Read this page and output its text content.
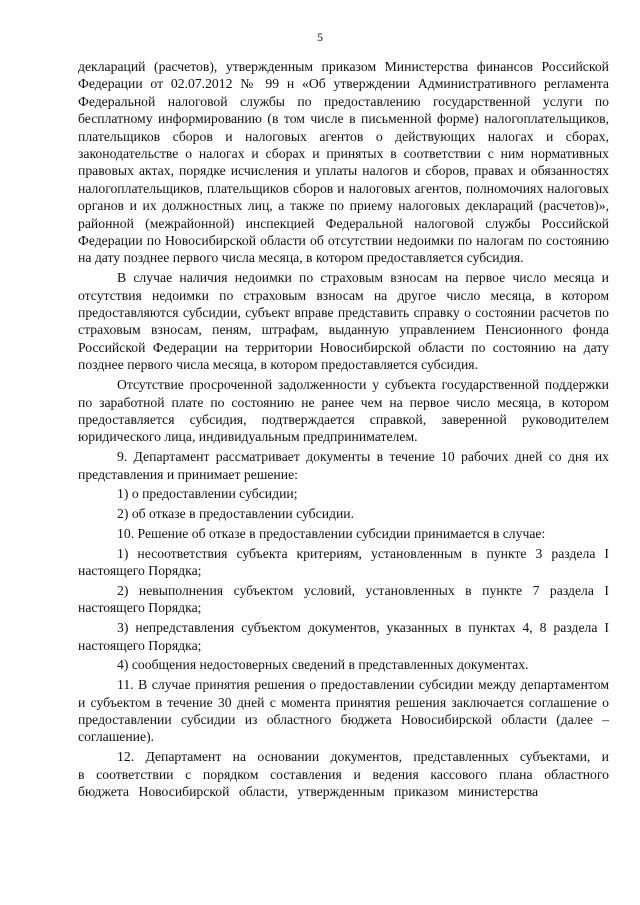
5

деклараций (расчетов), утвержденным приказом Министерства финансов Российской Федерации от 02.07.2012 № 99 н «Об утверждении Административного регламента Федеральной налоговой службы по предоставлению государственной услуги по бесплатному информированию (в том числе в письменной форме) налогоплательщиков, плательщиков сборов и налоговых агентов о действующих налогах и сборах, законодательстве о налогах и сборах и принятых в соответствии с ним нормативных правовых актах, порядке исчисления и уплаты налогов и сборов, правах и обязанностях налогоплательщиков, плательщиков сборов и налоговых агентов, полномочиях налоговых органов и их должностных лиц, а также по приему налоговых деклараций (расчетов)», районной (межрайонной) инспекцией Федеральной налоговой службы Российской Федерации по Новосибирской области об отсутствии недоимки по налогам по состоянию на дату позднее первого числа месяца, в котором предоставляется субсидия.

В случае наличия недоимки по страховым взносам на первое число месяца и отсутствия недоимки по страховым взносам на другое число месяца, в котором предоставляются субсидии, субъект вправе представить справку о состоянии расчетов по страховым взносам, пеням, штрафам, выданную управлением Пенсионного фонда Российской Федерации на территории Новосибирской области по состоянию на дату позднее первого числа месяца, в котором предоставляется субсидия.

Отсутствие просроченной задолженности у субъекта государственной поддержки по заработной плате по состоянию не ранее чем на первое число месяца, в котором предоставляется субсидия, подтверждается справкой, заверенной руководителем юридического лица, индивидуальным предпринимателем.

9. Департамент рассматривает документы в течение 10 рабочих дней со дня их представления и принимает решение:

1) о предоставлении субсидии;

2) об отказе в предоставлении субсидии.

10. Решение об отказе в предоставлении субсидии принимается в случае:

1) несоответствия субъекта критериям, установленным в пункте 3 раздела I настоящего Порядка;

2) невыполнения субъектом условий, установленных в пункте 7 раздела I настоящего Порядка;

3) непредставления субъектом документов, указанных в пунктах 4, 8 раздела I настоящего Порядка;

4) сообщения недостоверных сведений в представленных документах.

11. В случае принятия решения о предоставлении субсидии между департаментом и субъектом в течение 30 дней с момента принятия решения заключается соглашение о предоставлении субсидии из областного бюджета Новосибирской области (далее – соглашение).

12. Департамент на основании документов, представленных субъектами, и в соответствии с порядком составления и ведения кассового плана областного бюджета Новосибирской области, утвержденным приказом министерства
